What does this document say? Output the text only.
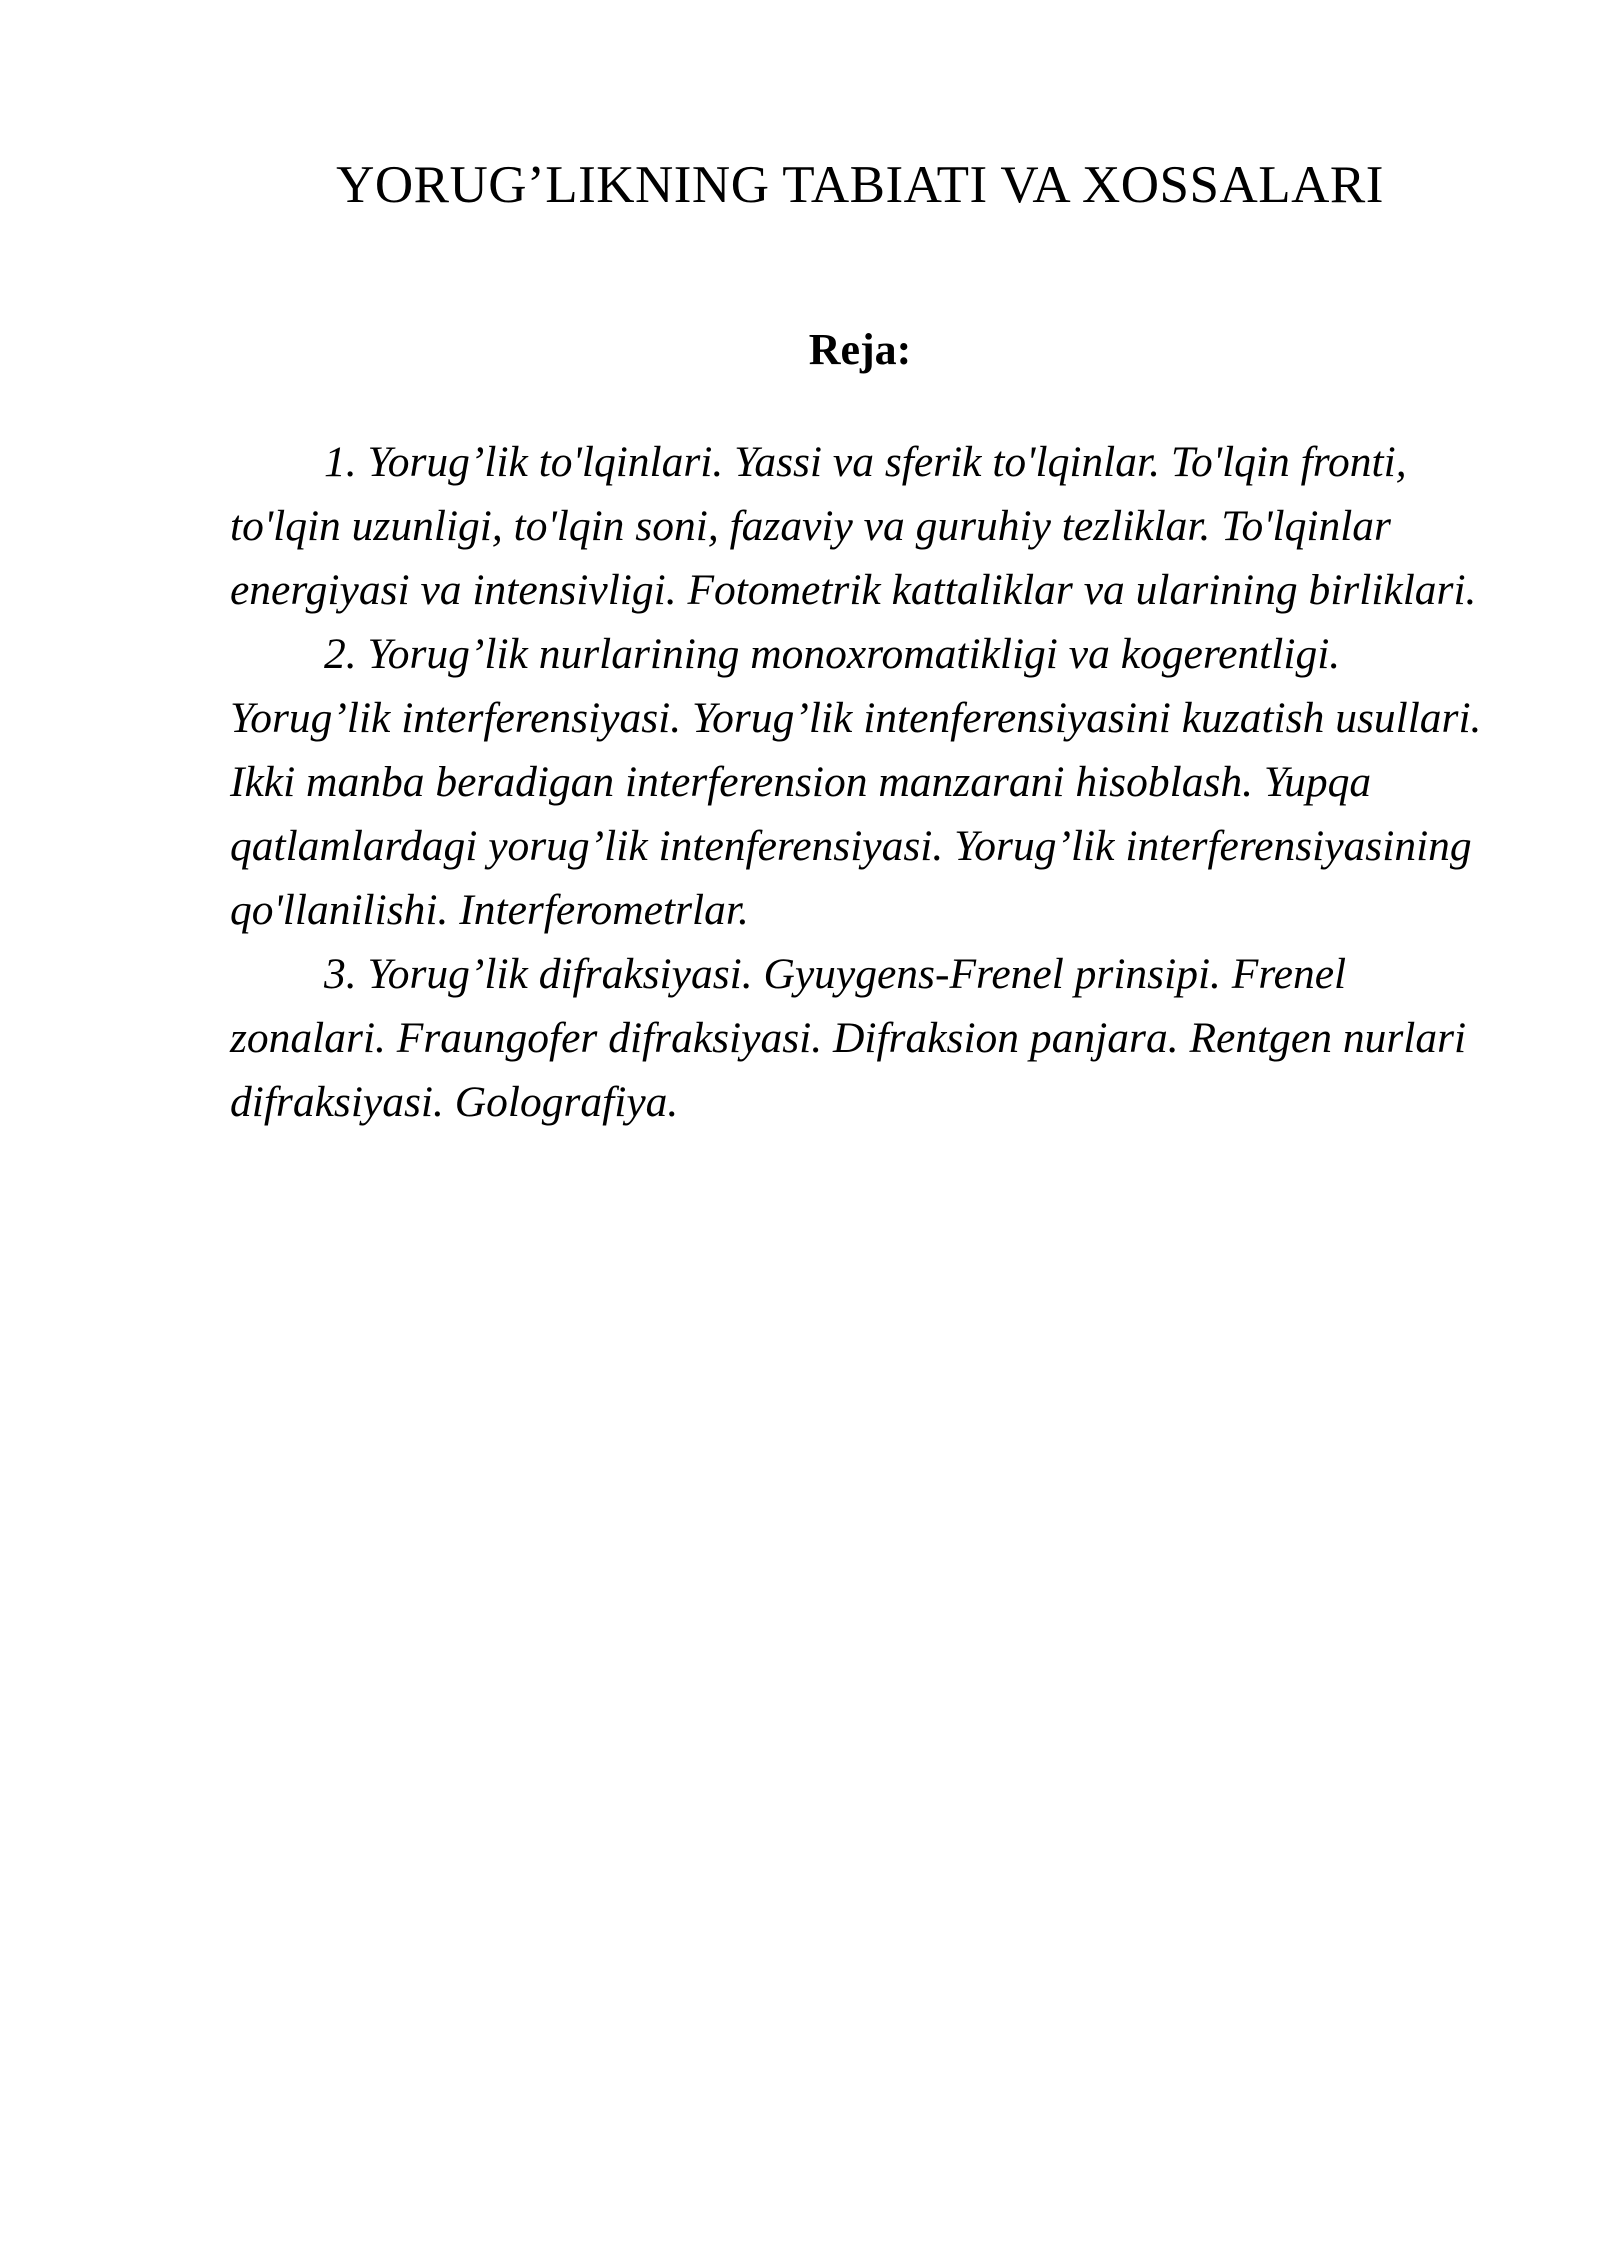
YORUG’LIKNING TABIATI VA XOSSALARI
Reja:

1. Yorug’lik to'lqinlari. Yassi va sferik to'lqinlar. To'lqin fronti, to'lqin uzunligi, to'lqin soni, fazaviy va guruhiy tezliklar. To'lqinlar energiyasi va intensivligi. Fotometrik kattaliklar va ularining birliklari.

2. Yorug’lik nurlarining monoxromatikligi va kogerentligi. Yorug’lik interferensiyasi. Yorug’lik intenferensiyasini kuzatish usullari. Ikki manba beradigan interferension manzarani hisoblash. Yupqa qatlamlardagi yorug’lik intenferensiyasi. Yorug’lik interferensiyasining qo'llanilishi. Interferometrlar.

3. Yorug’lik difraksiyasi. Gyuygens-Frenel prinsipi. Frenel zonalari. Fraungofer difraksiyasi. Difraksion panjara. Rentgen nurlari difraksiyasi. Golografiya.
